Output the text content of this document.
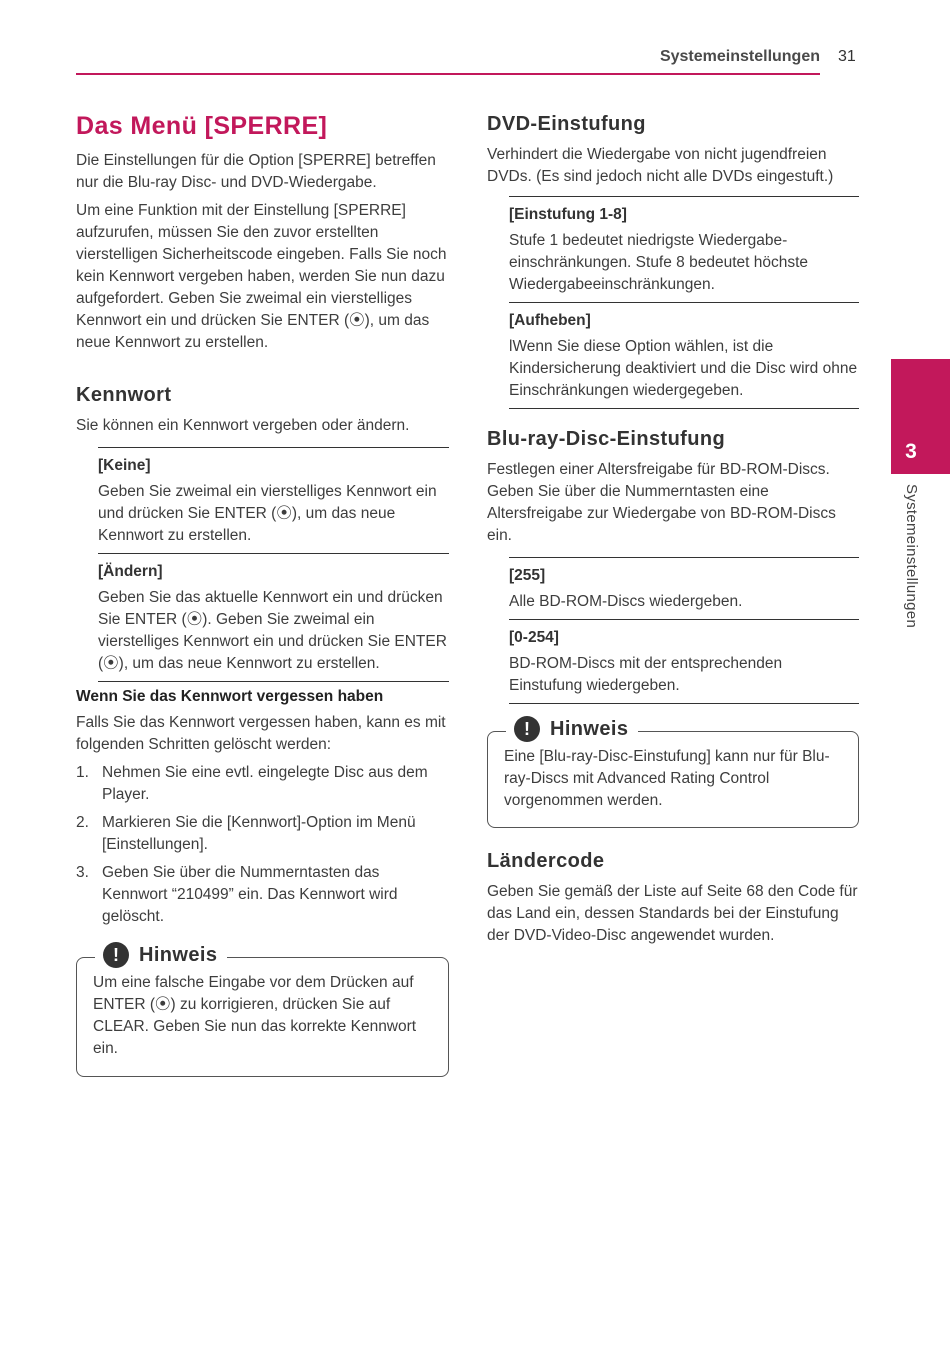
Systemeinstellungen 31
3
Systemeinstellungen
Das Menü [SPERRE]

Die Einstellungen für die Option [SPERRE] betreffen nur die Blu-ray Disc- und DVD-Wiedergabe.

Um eine Funktion mit der Einstellung [SPERRE] aufzurufen, müssen Sie den zuvor erstellten vierstelligen Sicherheitscode eingeben. Falls Sie noch kein Kennwort vergeben haben, werden Sie nun dazu aufgefordert. Geben Sie zweimal ein vierstelliges Kennwort ein und drücken Sie ENTER (⦿), um das neue Kennwort zu erstellen.

Kennwort

Sie können ein Kennwort vergeben oder ändern.

[Keine]
Geben Sie zweimal ein vierstelliges Kennwort ein und drücken Sie ENTER (⦿), um das neue Kennwort zu erstellen.
[Ändern]
Geben Sie das aktuelle Kennwort ein und drücken Sie ENTER (⦿). Geben Sie zweimal ein vierstelliges Kennwort ein und drücken Sie ENTER (⦿), um das neue Kennwort zu erstellen.
Wenn Sie das Kennwort vergessen haben

Falls Sie das Kennwort vergessen haben, kann es mit folgenden Schritten gelöscht werden:

1. Nehmen Sie eine evtl. eingelegte Disc aus dem Player.
2. Markieren Sie die [Kennwort]-Option im Menü [Einstellungen].
3. Geben Sie über die Nummerntasten das Kennwort “210499” ein. Das Kennwort wird gelöscht.
!	Hinweis
Um eine falsche Eingabe vor dem Drücken auf ENTER (⦿) zu korrigieren, drücken Sie auf CLEAR. Geben Sie nun das korrekte Kennwort ein.
DVD-Einstufung

Verhindert die Wiedergabe von nicht jugendfreien DVDs. (Es sind jedoch nicht alle DVDs eingestuft.)

[Einstufung 1-8]
Stufe 1 bedeutet niedrigste Wiedergabe-einschränkungen. Stufe 8 bedeutet höchste Wiedergabeeinschränkungen.
[Aufheben]
lWenn Sie diese Option wählen, ist die Kindersicherung deaktiviert und die Disc wird ohne Einschränkungen wiedergegeben.
Blu-ray-Disc-Einstufung

Festlegen einer Altersfreigabe für BD-ROM-Discs. Geben Sie über die Nummerntasten eine Altersfreigabe zur Wiedergabe von BD-ROM-Discs ein.

[255]
Alle BD-ROM-Discs wiedergeben.
[0-254]
BD-ROM-Discs mit der entsprechenden Einstufung wiedergeben.
!	Hinweis
Eine [Blu-ray-Disc-Einstufung] kann nur für Blu-ray-Discs mit Advanced Rating Control vorgenommen werden.
Ländercode

Geben Sie gemäß der Liste auf Seite 68 den Code für das Land ein, dessen Standards bei der Einstufung der DVD-Video-Disc angewendet wurden.
